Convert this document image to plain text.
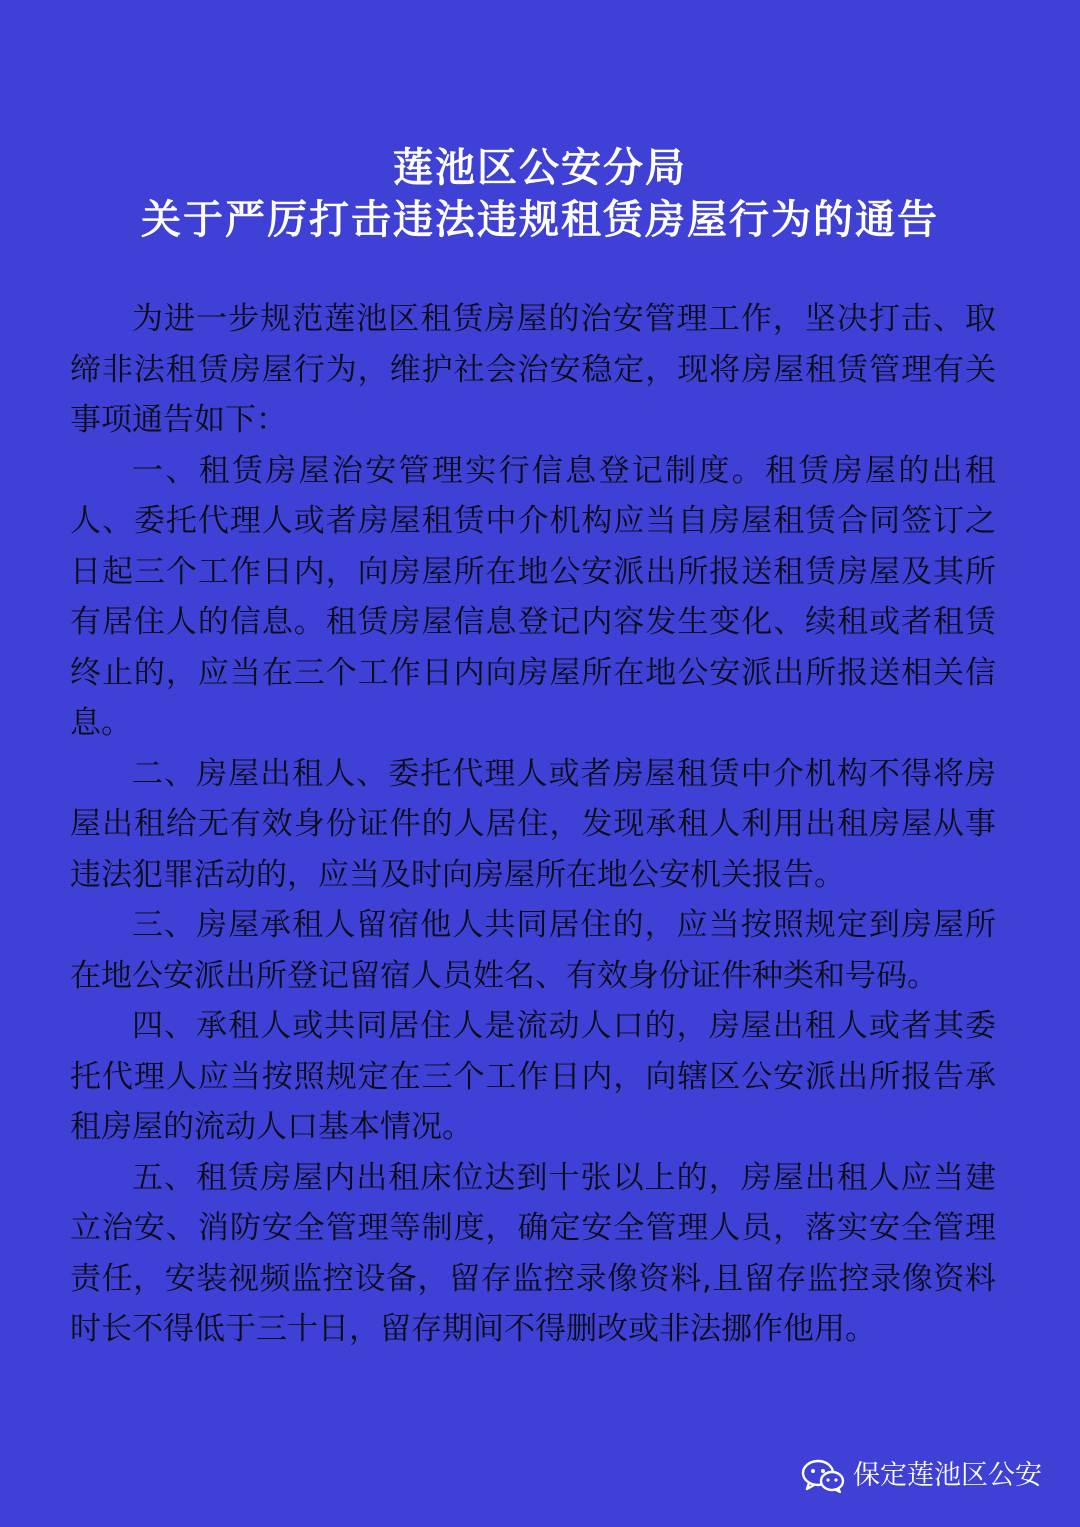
莲池区公安分局
关于严厉打击违法违规租赁房屋行为的通告

为进一步规范莲池区租赁房屋的治安管理工作，坚决打击、取缔非法租赁房屋行为，维护社会治安稳定，现将房屋租赁管理有关事项通告如下：

一、租赁房屋治安管理实行信息登记制度。租赁房屋的出租人、委托代理人或者房屋租赁中介机构应当自房屋租赁合同签订之日起三个工作日内，向房屋所在地公安派出所报送租赁房屋及其所有居住人的信息。租赁房屋信息登记内容发生变化、续租或者租赁终止的，应当在三个工作日内向房屋所在地公安派出所报送相关信息。

二、房屋出租人、委托代理人或者房屋租赁中介机构不得将房屋出租给无有效身份证件的人居住，发现承租人利用出租房屋从事违法犯罪活动的，应当及时向房屋所在地公安机关报告。

三、房屋承租人留宿他人共同居住的，应当按照规定到房屋所在地公安派出所登记留宿人员姓名、有效身份证件种类和号码。

四、承租人或共同居住人是流动人口的，房屋出租人或者其委托代理人应当按照规定在三个工作日内，向辖区公安派出所报告承租房屋的流动人口基本情况。

五、租赁房屋内出租床位达到十张以上的，房屋出租人应当建立治安、消防安全管理等制度，确定安全管理人员，落实安全管理责任，安装视频监控设备，留存监控录像资料,且留存监控录像资料时长不得低于三十日，留存期间不得删改或非法挪作他用。

保定莲池区公安
